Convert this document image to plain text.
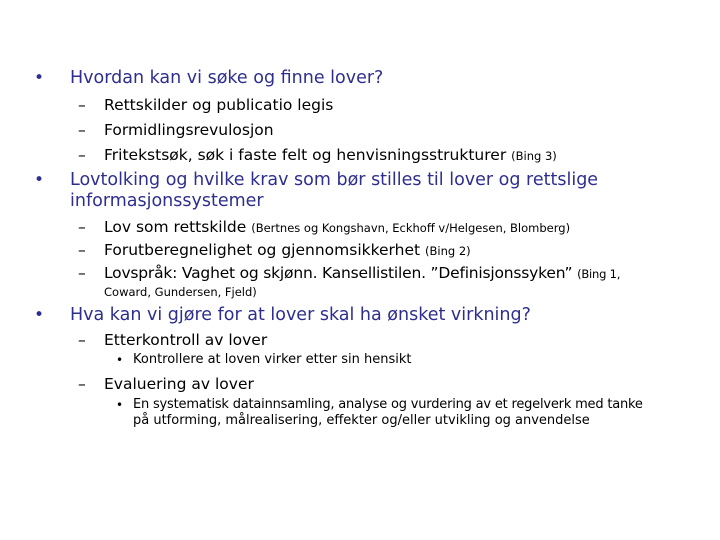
• Hvordan kan vi søke og finne lover?
– Rettskilder og publicatio legis
– Formidlingsrevulosjon
– Fritekstsøk, søk i faste felt og henvisningsstrukturer (Bing 3)
• Lovtolking og hvilke krav som bør stilles til lover og rettslige
informasjonssystemer
– Lov som rettskilde (Bertnes og Kongshavn, Eckhoff v/Helgesen, Blomberg)
– Forutberegnelighet og gjennomsikkerhet (Bing 2)
– Lovspråk: Vaghet og skjønn. Kansellistilen. ”Definisjonssyken” (Bing 1,
Coward, Gundersen, Fjeld)
• Hva kan vi gjøre for at lover skal ha ønsket virkning?
– Etterkontroll av lover
• Kontrollere at loven virker etter sin hensikt
– Evaluering av lover
• En systematisk datainnsamling, analyse og vurdering av et regelverk med tanke
på utforming, målrealisering, effekter og/eller utvikling og anvendelse
